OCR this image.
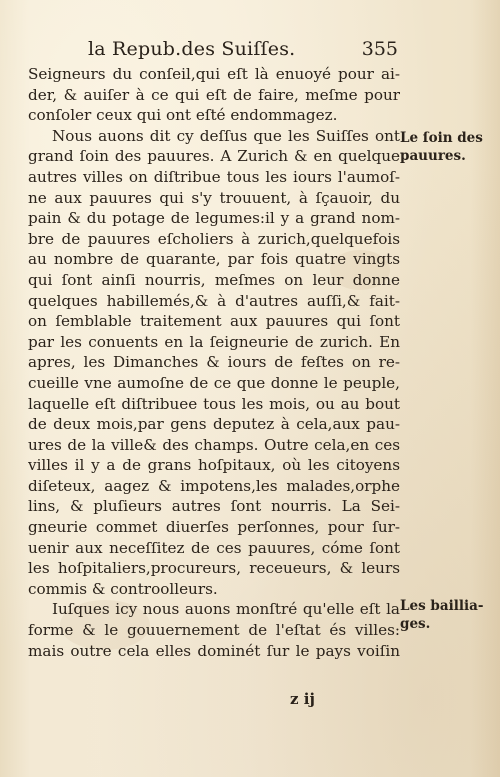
la Repub.des Suiſſes.	355
Seigneurs du conſeil,qui eſt là enuoyé pour ai-
der, & auiſer à ce qui eſt de faire, meſme pour
conſoler ceux qui ont eſté endommagez.
Nous auons dit cy deſſus que les Suiſſes ont
grand ſoin des pauures. A Zurich & en quelque
autres villes on diſtribue tous les iours l'aumoſ-
ne aux pauures qui s'y trouuent, à ſçauoir, du
pain & du potage de legumes:il y a grand nom-
bre de pauures eſcholiers à zurich,quelquefois
au nombre de quarante, par fois quatre vingts
qui ſont ainſi nourris, meſmes on leur donne
quelques habillemés,& à d'autres auſſi,& fait-
on ſemblable traitement aux pauures qui ſont
par les conuents en la ſeigneurie de zurich. En
apres, les Dimanches & iours de feſtes on re-
cueille vne aumoſne de ce que donne le peuple,
laquelle eſt diſtribuee tous les mois, ou au bout
de deux mois,par gens deputez à cela,aux pau-
ures de la ville& des champs. Outre cela,en ces
villes il y a de grans hoſpitaux, où les citoyens
diſeteux, aagez & impotens,les malades,orphe
lins, & pluſieurs autres ſont nourris. La Sei-
gneurie commet diuerſes perſonnes, pour ſur-
uenir aux neceſſitez de ces pauures, cóme ſont
les hoſpitaliers,procureurs, receueurs, & leurs
commis & controolleurs.
Iuſques icy nous auons monſtré qu'elle eſt la
forme & le gouuernement de l'eſtat és villes:
mais outre cela elles dominét ſur le pays voiſin
Le ſoin des
pauures.
Les baillia-
ges.
z ij
